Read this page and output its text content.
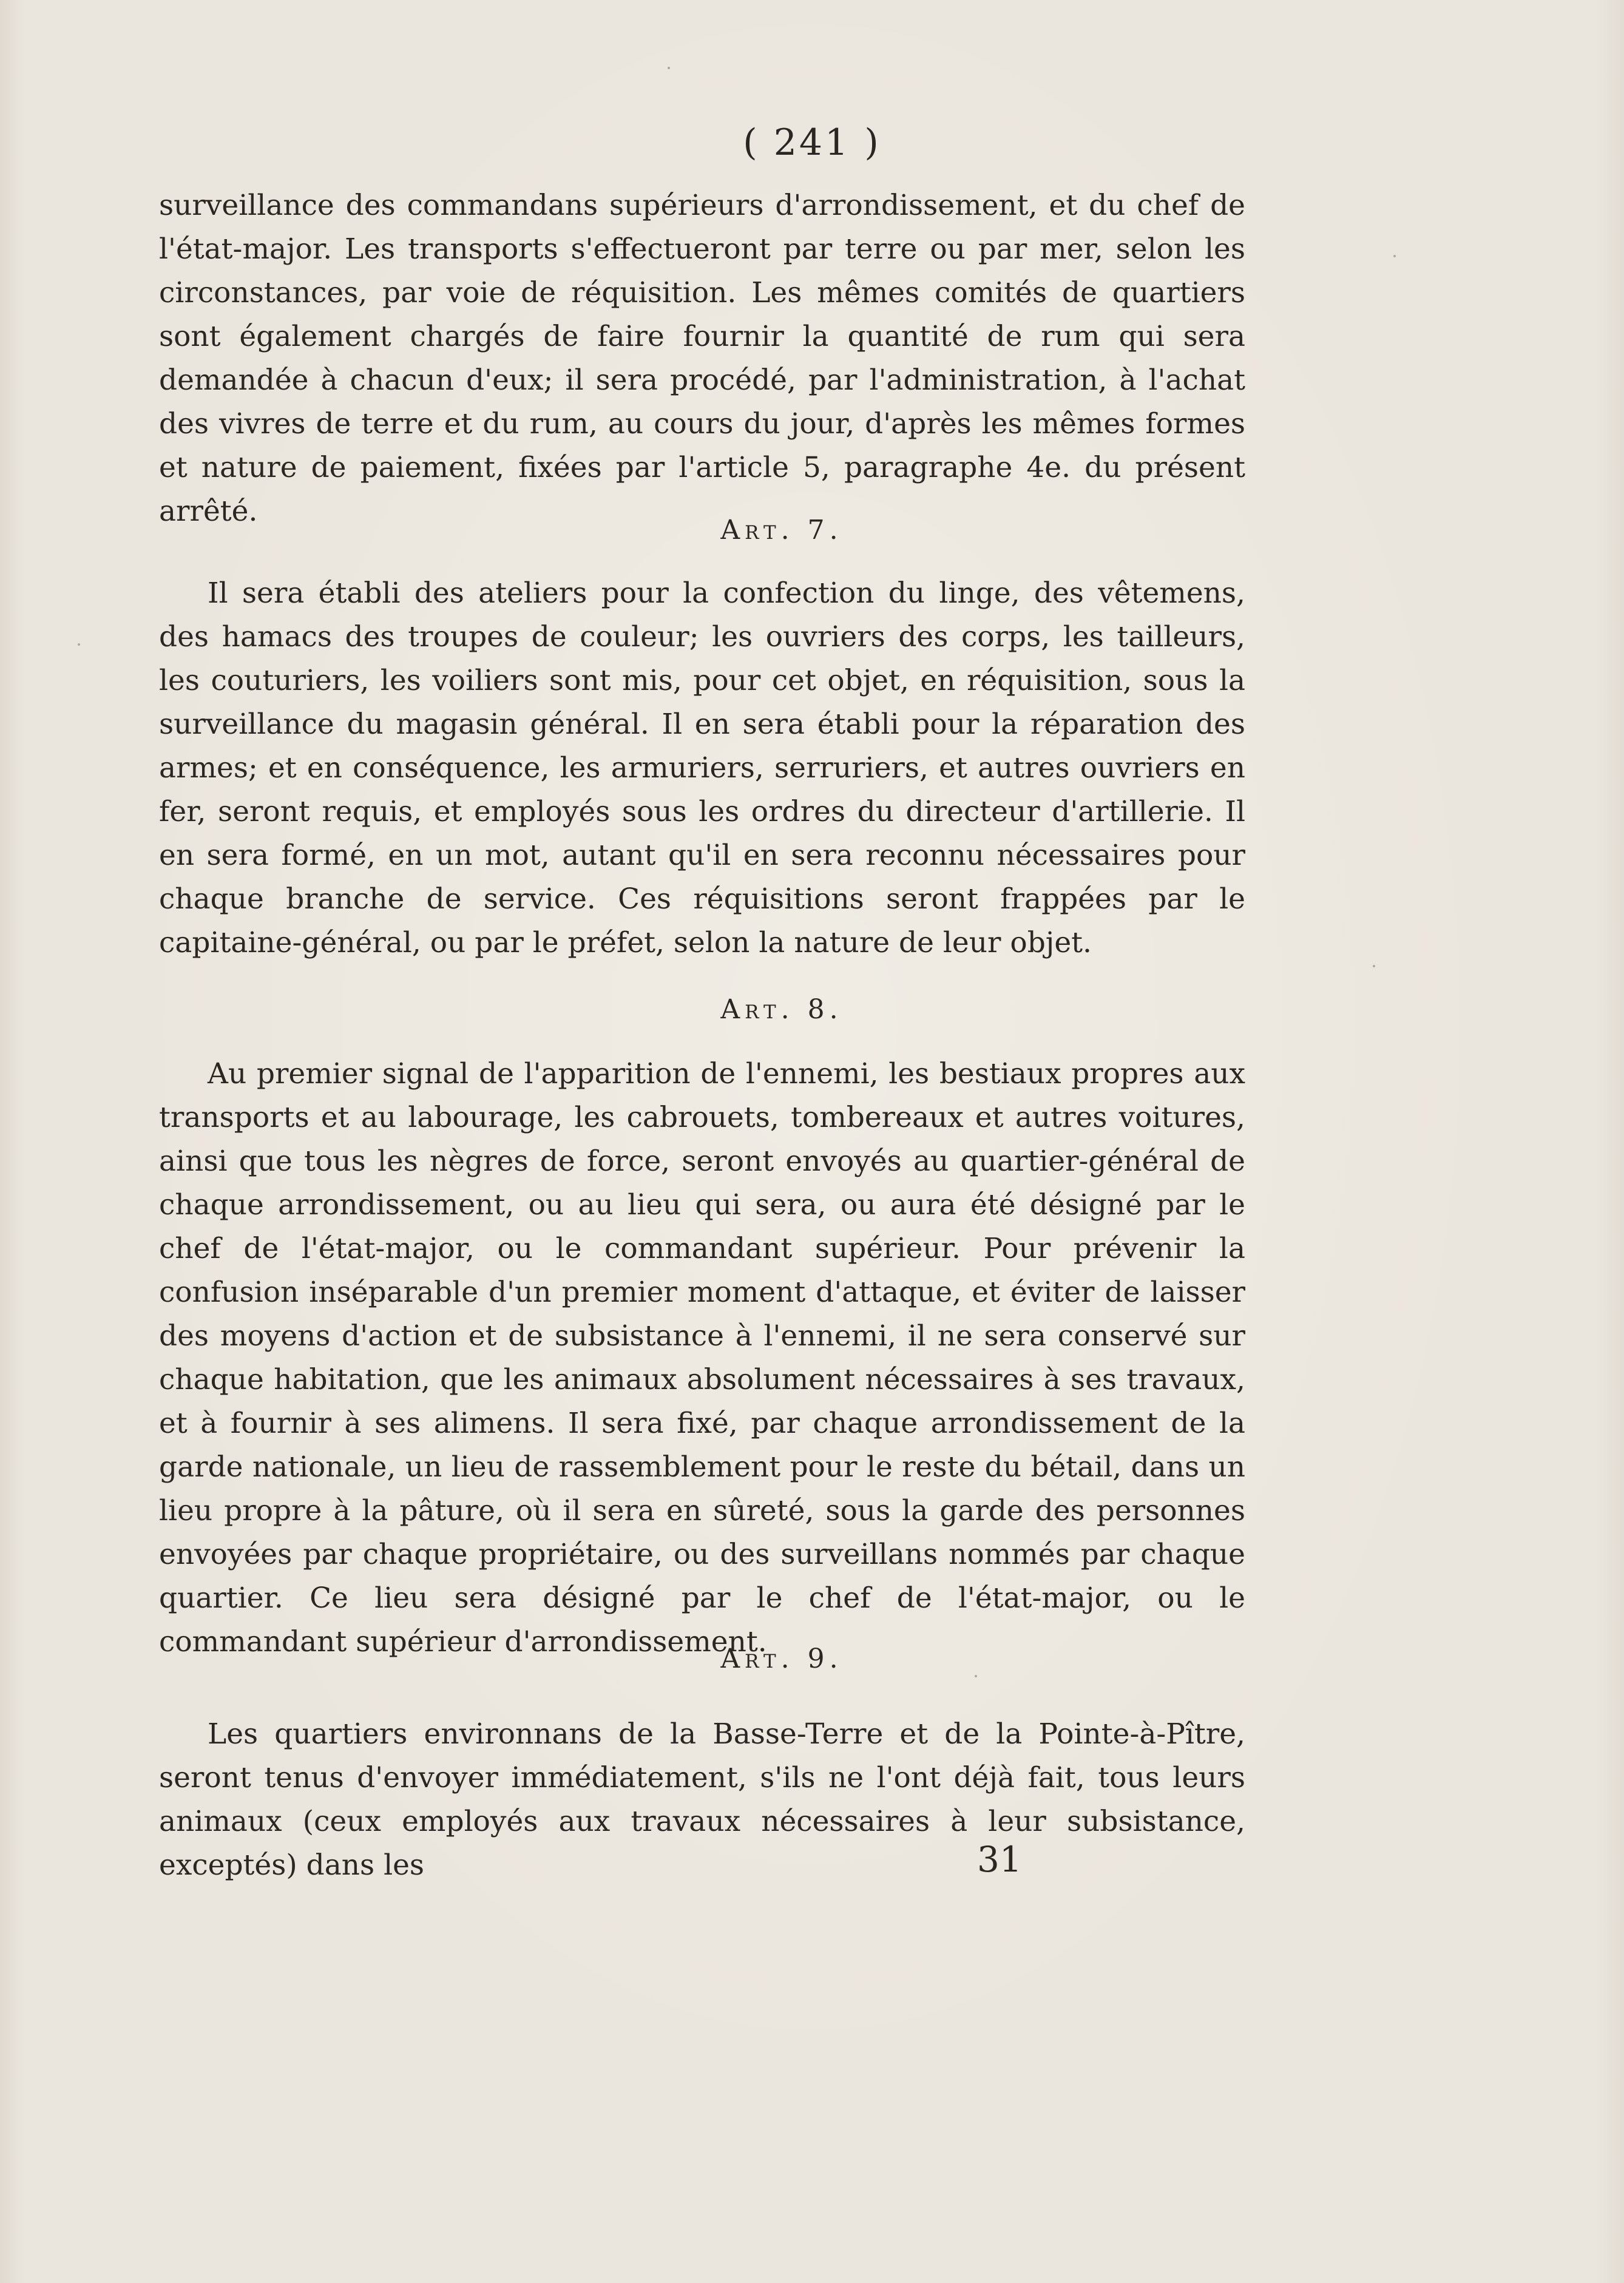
( 241 )

surveillance des commandans supérieurs d'arrondissement, et du chef de l'état-major. Les transports s'effectueront par terre ou par mer, selon les circonstances, par voie de réquisition. Les mêmes comités de quartiers sont également chargés de faire fournir la quantité de rum qui sera demandée à chacun d'eux; il sera procédé, par l'administration, à l'achat des vivres de terre et du rum, au cours du jour, d'après les mêmes formes et nature de paiement, fixées par l'article 5, paragraphe 4e. du présent arrêté.

Art. 7.

Il sera établi des ateliers pour la confection du linge, des vêtemens, des hamacs des troupes de couleur; les ouvriers des corps, les tailleurs, les couturiers, les voiliers sont mis, pour cet objet, en réquisition, sous la surveillance du magasin général. Il en sera établi pour la réparation des armes; et en conséquence, les armuriers, serruriers, et autres ouvriers en fer, seront requis, et employés sous les ordres du directeur d'artillerie. Il en sera formé, en un mot, autant qu'il en sera reconnu nécessaires pour chaque branche de service. Ces réquisitions seront frappées par le capitaine-général, ou par le préfet, selon la nature de leur objet.

Art. 8.

Au premier signal de l'apparition de l'ennemi, les bestiaux propres aux transports et au labourage, les cabrouets, tombereaux et autres voitures, ainsi que tous les nègres de force, seront envoyés au quartier-général de chaque arrondissement, ou au lieu qui sera, ou aura été désigné par le chef de l'état-major, ou le commandant supérieur. Pour prévenir la confusion inséparable d'un premier moment d'attaque, et éviter de laisser des moyens d'action et de subsistance à l'ennemi, il ne sera conservé sur chaque habitation, que les animaux absolument nécessaires à ses travaux, et à fournir à ses alimens. Il sera fixé, par chaque arrondissement de la garde nationale, un lieu de rassemblement pour le reste du bétail, dans un lieu propre à la pâture, où il sera en sûreté, sous la garde des personnes envoyées par chaque propriétaire, ou des surveillans nommés par chaque quartier. Ce lieu sera désigné par le chef de l'état-major, ou le commandant supérieur d'arrondissement.

Art. 9.

Les quartiers environnans de la Basse-Terre et de la Pointe-à-Pître, seront tenus d'envoyer immédiatement, s'ils ne l'ont déjà fait, tous leurs animaux (ceux employés aux travaux nécessaires à leur subsistance, exceptés) dans les	31
